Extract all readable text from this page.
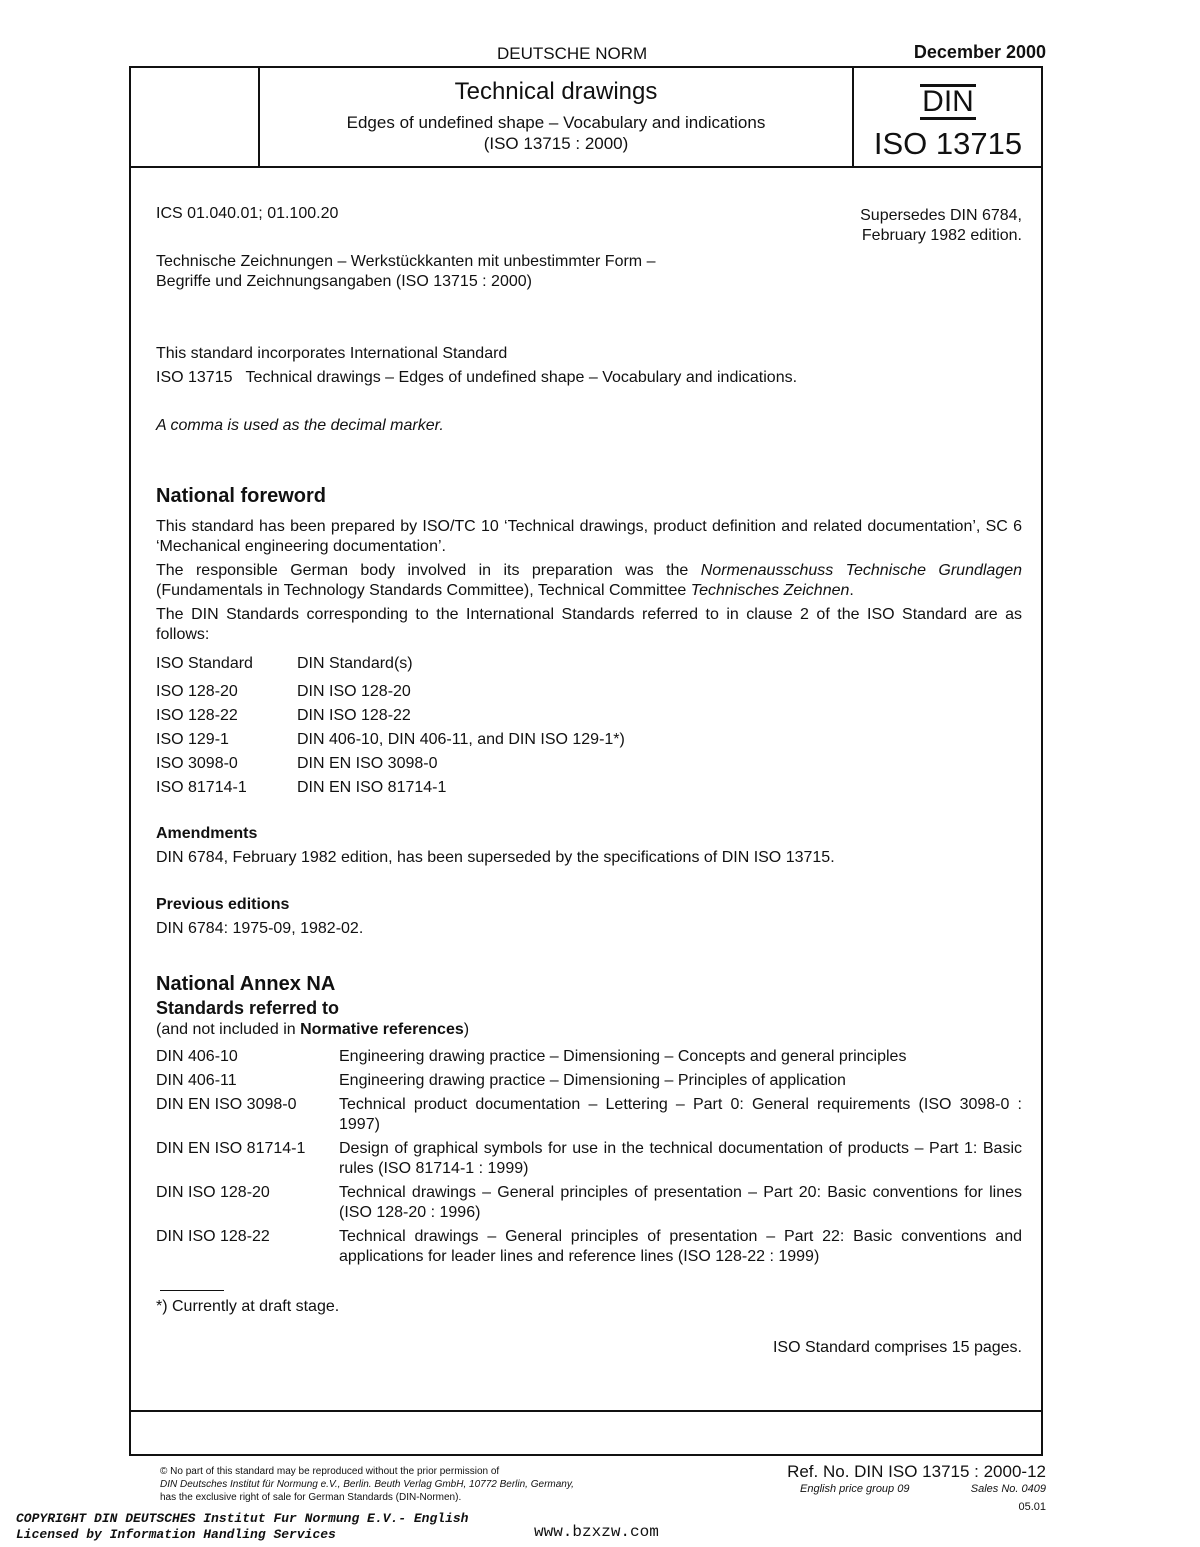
DEUTSCHE NORM	December 2000
Technical drawings
Edges of undefined shape – Vocabulary and indications
(ISO 13715 : 2000)
DIN
ISO 13715
ICS 01.040.01; 01.100.20	Supersedes DIN 6784,
February 1982 edition.
Technische Zeichnungen – Werkstückkanten mit unbestimmter Form –
Begriffe und Zeichnungsangaben (ISO 13715 : 2000)
This standard incorporates International Standard
ISO 13715   Technical drawings – Edges of undefined shape – Vocabulary and indications.
A comma is used as the decimal marker.
National foreword
This standard has been prepared by ISO/TC 10 ‘Technical drawings, product definition and related documentation’, SC 6 ‘Mechanical engineering documentation’.
The responsible German body involved in its preparation was the Normenausschuss Technische Grundlagen (Fundamentals in Technology Standards Committee), Technical Committee Technisches Zeichnen.
The DIN Standards corresponding to the International Standards referred to in clause 2 of the ISO Standard are as follows:
ISO Standard	DIN Standard(s)
ISO 128-20	DIN ISO 128-20
ISO 128-22	DIN ISO 128-22
ISO 129-1	DIN 406-10, DIN 406-11, and DIN ISO 129-1*)
ISO 3098-0	DIN EN ISO 3098-0
ISO 81714-1	DIN EN ISO 81714-1
Amendments
DIN 6784, February 1982 edition, has been superseded by the specifications of DIN ISO 13715.
Previous editions
DIN 6784: 1975-09, 1982-02.
National Annex NA
Standards referred to
(and not included in Normative references)
DIN 406-10	Engineering drawing practice – Dimensioning – Concepts and general principles
DIN 406-11	Engineering drawing practice – Dimensioning – Principles of application
DIN EN ISO 3098-0	Technical product documentation – Lettering – Part 0: General requirements (ISO 3098-0 : 1997)
DIN EN ISO 81714-1 Design of graphical symbols for use in the technical documentation of products – Part 1: Basic rules (ISO 81714-1 : 1999)
DIN ISO 128-20	Technical drawings – General principles of presentation – Part 20: Basic conventions for lines (ISO 128-20 : 1996)
DIN ISO 128-22	Technical drawings – General principles of presentation – Part 22: Basic conventions and applications for leader lines and reference lines (ISO 128-22 : 1999)
*) Currently at draft stage.
ISO Standard comprises 15 pages.
© No part of this standard may be reproduced without the prior permission of
DIN Deutsches Institut für Normung e.V., Berlin. Beuth Verlag GmbH, 10772 Berlin, Germany,
has the exclusive right of sale for German Standards (DIN-Normen).
Ref. No. DIN ISO 13715 : 2000-12
English price group 09	Sales No. 0409
05.01
COPYRIGHT DIN DEUTSCHES Institut Fur Normung E.V.- English
Licensed by Information Handling Services	www.bzxzw.com
